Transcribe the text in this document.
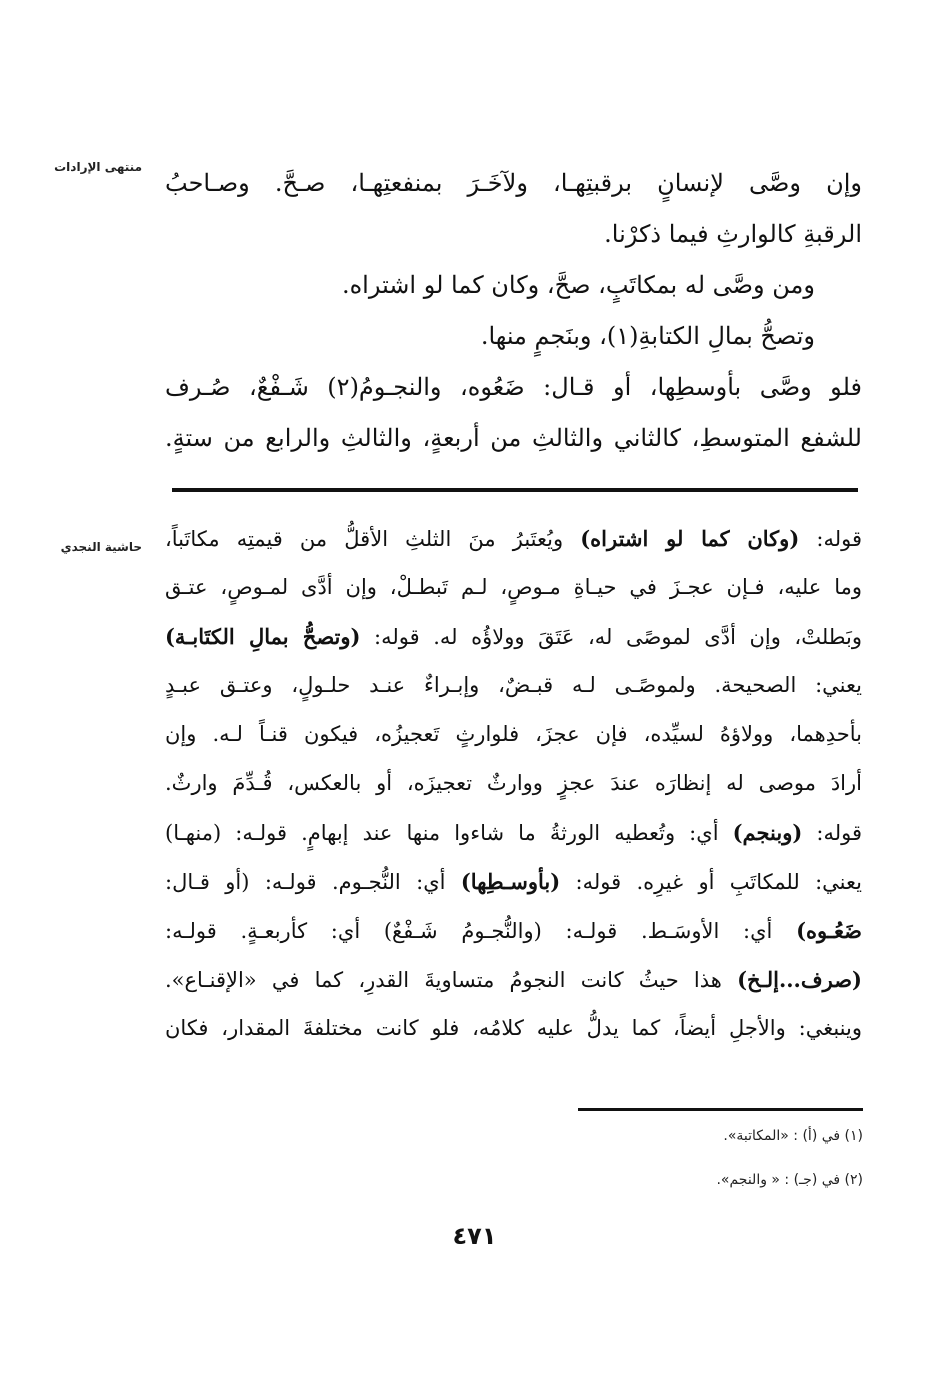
منتهى الإرادات
حاشية النجدي
وإن وصَّى لإنسانٍ برقبتِهـا، ولآخَـرَ بمنفعتِهـا، صـحَّ. وصـاحبُ
الرقبةِ كالوارثِ فيما ذكرْنا.
ومن وصَّى له بمكاتَبٍ، صحَّ، وكان كما لو اشتراه.
وتصحُّ بمالِ الكتابةِ(١)، وبنَجمٍ منها.
فلو وصَّى بأوسطِها، أو قـال: ضَعُوه، والنجـومُ(٢) شَـفْعٌ، صُـرف
للشفع المتوسطِ، كالثاني والثالثِ من أربعةٍ، والثالثِ والرابع من ستةٍ.
قوله: (وكان كما لو اشتراه) ويُعتَبرُ منَ الثلثِ الأقلُّ من قيمتِه مكاتَباً،
وما عليه، فـإن عجـزَ في حيـاةِ مـوصٍ، لـم تَبطـلْ، وإن أدَّى لمـوصٍ، عتـق
وبَطلتْ، وإن أدَّى لموصًى له، عَتَقَ وولاؤُه له. قوله: (وتصحُّ بمالِ الكتَابـة)
يعني: الصحيحة. ولموصًـى لـه قبـضٌ، وإبـراءٌ عنـد حلـولٍ، وعتـق عبـدٍ
بأحدِهما، وولاؤهُ لسيِّده، فإن عجزَ، فلوارثٍ تَعجيزُه، فيكون قنـاً لـه. وإن
أرادَ موصى له إنظارَه عندَ عجزٍ ووارثٌ تعجيزَه، أو بالعكس، قُـدِّمَ وارثٌ.
قوله: (وبنجم) أي: وتُعطيه الورثةُ ما شاءوا منها عند إبهامٍ. قولـه: (منهـا)
يعني: للمكاتَبِ أو غيرِه. قوله: (بأوسـطِها) أي: النُّجـوم. قولـه: (أو قـال:
ضَعُـوه) أي: الأوسَـط. قولـه: (والنُّجـومُ شَـفْعٌ) أي: كأربعـةٍ. قولـه:
(صرف...إلـخ) هذا حيثُ كانت النجومُ متساويةَ القدرِ، كما في «الإقنـاع».
وينبغي: والأجلِ أيضاً، كما يدلُّ عليه كلامُه، فلو كانت مختلفةَ المقدار، فكان
(١) في (أ) : «المكاتبة».
(٢) في (جـ) : « والنجم».
٤٧١
